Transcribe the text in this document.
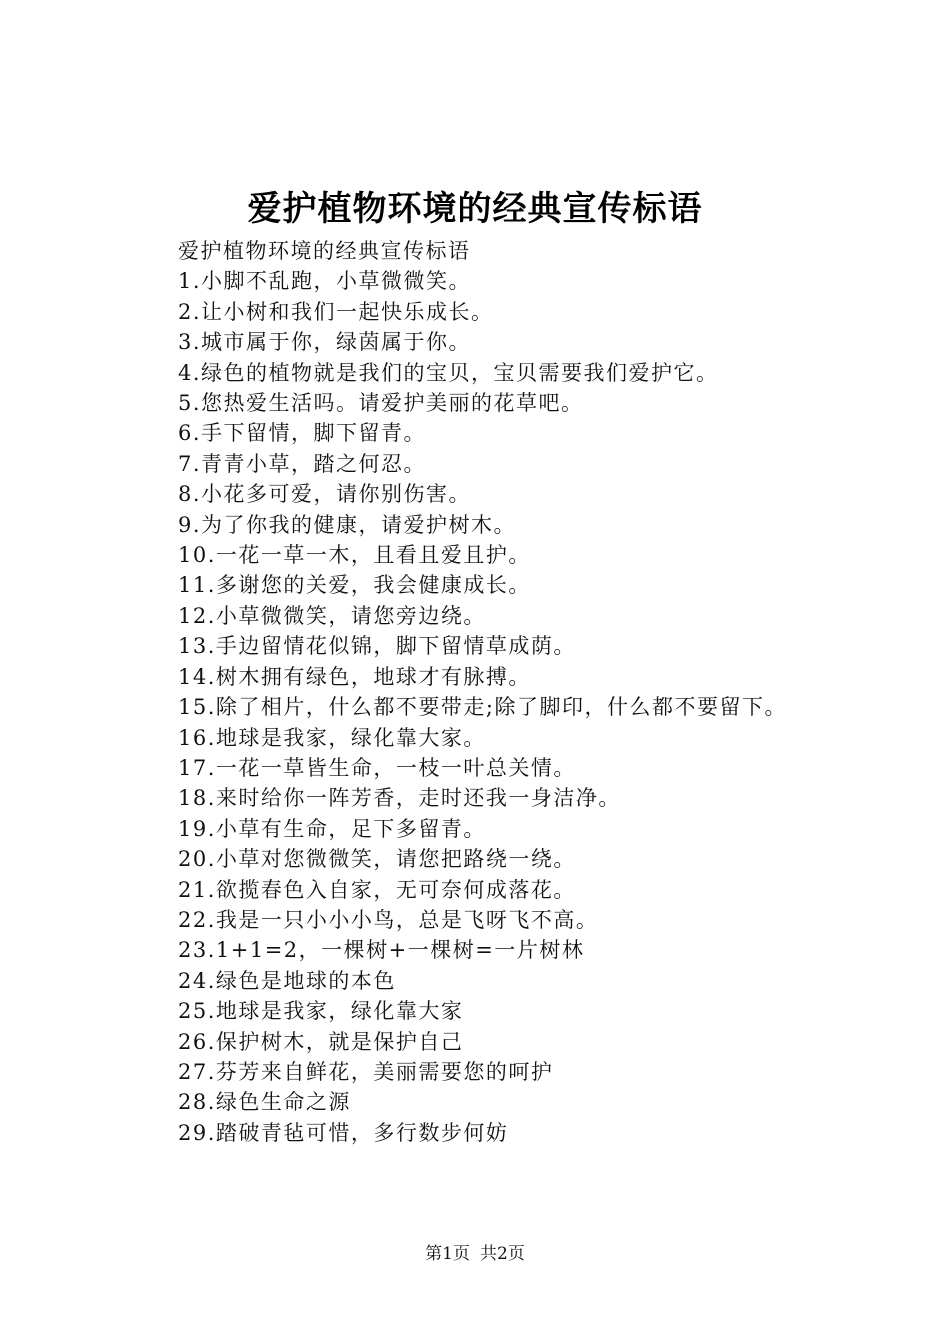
爱护植物环境的经典宣传标语

爱护植物环境的经典宣传标语

1.小脚不乱跑，小草微微笑。

2.让小树和我们一起快乐成长。

3.城市属于你，绿茵属于你。

4.绿色的植物就是我们的宝贝，宝贝需要我们爱护它。

5.您热爱生活吗。请爱护美丽的花草吧。

6.手下留情，脚下留青。

7.青青小草，踏之何忍。

8.小花多可爱，请你别伤害。

9.为了你我的健康，请爱护树木。

10.一花一草一木，且看且爱且护。

11.多谢您的关爱，我会健康成长。

12.小草微微笑，请您旁边绕。

13.手边留情花似锦，脚下留情草成荫。

14.树木拥有绿色，地球才有脉搏。

15.除了相片，什么都不要带走;除了脚印，什么都不要留下。

16.地球是我家，绿化靠大家。

17.一花一草皆生命，一枝一叶总关情。

18.来时给你一阵芳香，走时还我一身洁净。

19.小草有生命，足下多留青。

20.小草对您微微笑，请您把路绕一绕。

21.欲揽春色入自家，无可奈何成落花。

22.我是一只小小小鸟，总是飞呀飞不高。

23.1+1=2，一棵树+一棵树=一片树林

24.绿色是地球的本色

25.地球是我家，绿化靠大家

26.保护树木，就是保护自己

27.芬芳来自鲜花，美丽需要您的呵护

28.绿色生命之源

29.踏破青毡可惜，多行数步何妨

第1页 共2页
